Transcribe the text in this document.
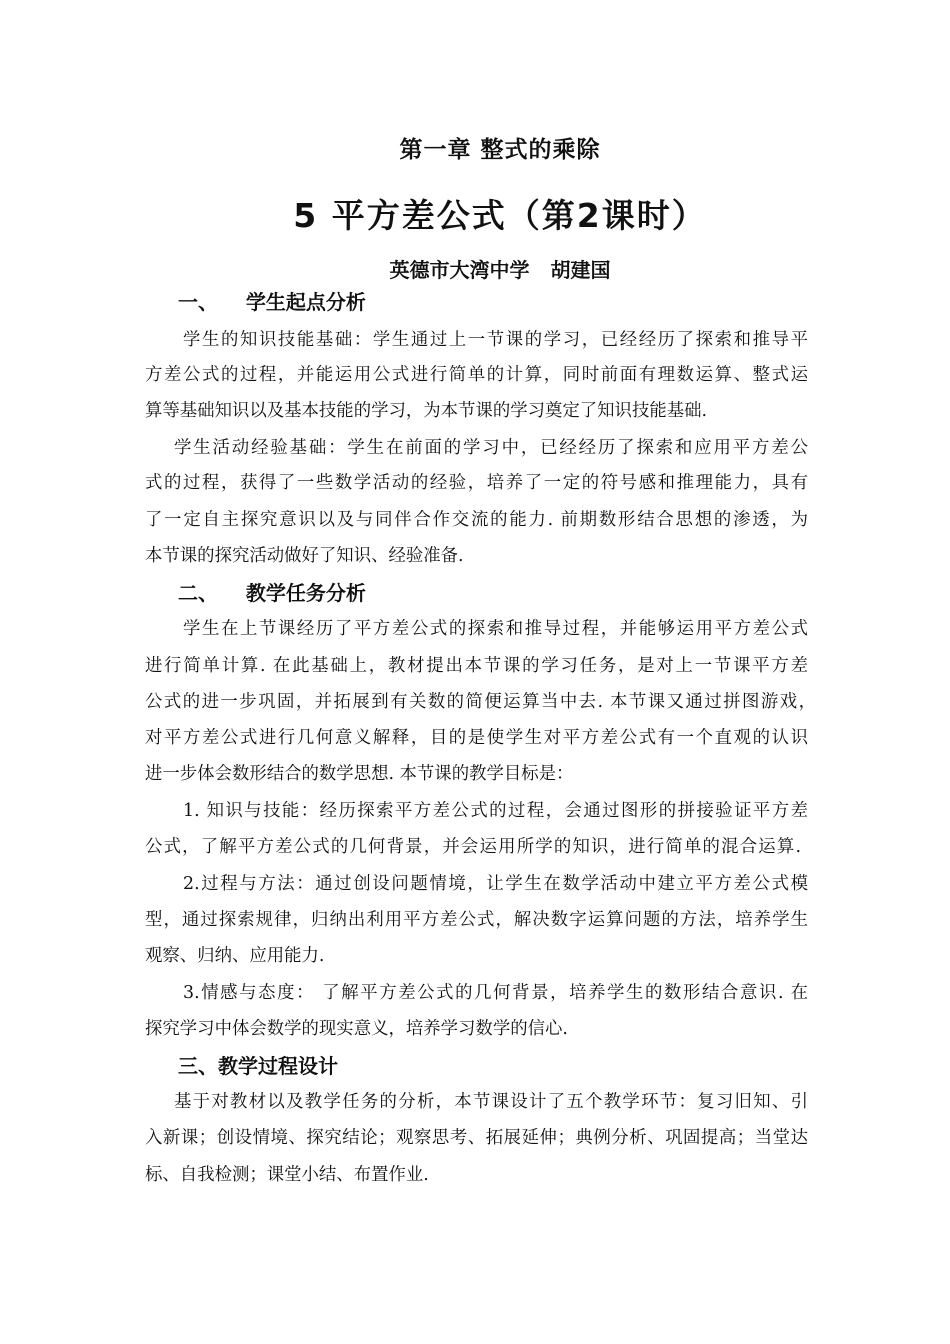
第一章 整式的乘除
5 平方差公式（第2课时）
英德市大湾中学 胡建国
一、    学生起点分析
学生的知识技能基础：学生通过上一节课的学习，已经经历了探索和推导平
方差公式的过程，并能运用公式进行简单的计算，同时前面有理数运算、整式运
算等基础知识以及基本技能的学习，为本节课的学习奠定了知识技能基础.
学生活动经验基础：学生在前面的学习中，已经经历了探索和应用平方差公
式的过程，获得了一些数学活动的经验，培养了一定的符号感和推理能力，具有
了一定自主探究意识以及与同伴合作交流的能力. 前期数形结合思想的渗透，为
本节课的探究活动做好了知识、经验准备.
二、    教学任务分析
学生在上节课经历了平方差公式的探索和推导过程，并能够运用平方差公式
进行简单计算. 在此基础上，教材提出本节课的学习任务，是对上一节课平方差
公式的进一步巩固，并拓展到有关数的简便运算当中去. 本节课又通过拼图游戏，
对平方差公式进行几何意义解释，目的是使学生对平方差公式有一个直观的认识
进一步体会数形结合的数学思想. 本节课的教学目标是：
1. 知识与技能：经历探索平方差公式的过程，会通过图形的拼接验证平方差
公式，了解平方差公式的几何背景，并会运用所学的知识，进行简单的混合运算.
2.过程与方法：通过创设问题情境，让学生在数学活动中建立平方差公式模
型，通过探索规律，归纳出利用平方差公式，解决数字运算问题的方法，培养学生
观察、归纳、应用能力.
3.情感与态度： 了解平方差公式的几何背景，培养学生的数形结合意识. 在
探究学习中体会数学的现实意义，培养学习数学的信心.
三、教学过程设计
基于对教材以及教学任务的分析，本节课设计了五个教学环节：复习旧知、引
入新课；创设情境、探究结论；观察思考、拓展延伸；典例分析、巩固提高；当堂达
标、自我检测；课堂小结、布置作业.
